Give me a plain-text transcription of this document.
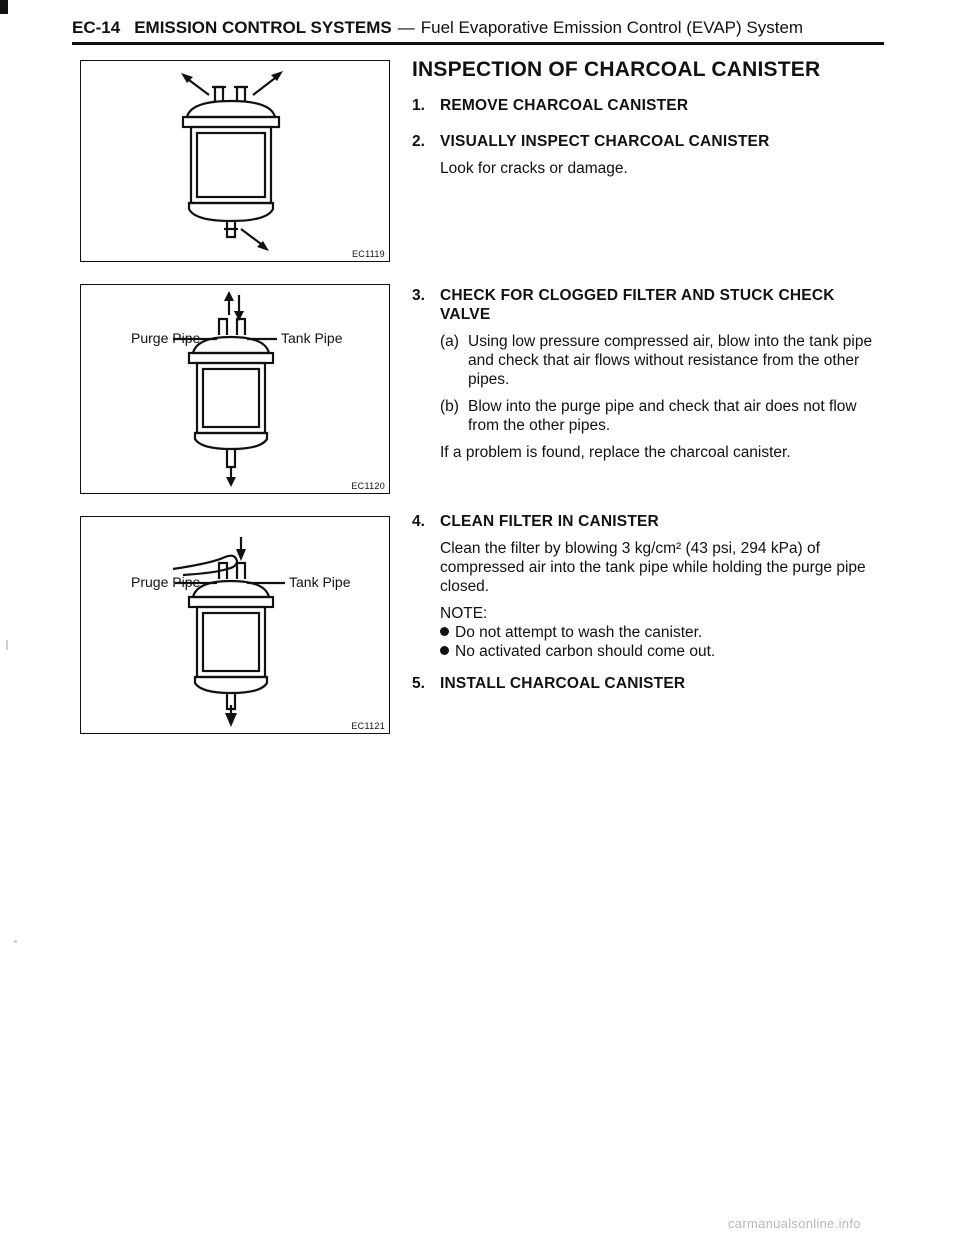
EC-14 EMISSION CONTROL SYSTEMS — Fuel Evaporative Emission Control (EVAP) System
EC1119
Purge Pipe	Tank Pipe
EC1120
Pruge Pipe	Tank Pipe
EC1121
INSPECTION OF CHARCOAL CANISTER
1. REMOVE CHARCOAL CANISTER
2. VISUALLY INSPECT CHARCOAL CANISTER
Look for cracks or damage.
3. CHECK FOR CLOGGED FILTER AND STUCK CHECK VALVE
(a) Using low pressure compressed air, blow into the tank pipe and check that air flows without resistance from the other pipes.
(b) Blow into the purge pipe and check that air does not flow from the other pipes.
If a problem is found, replace the charcoal canister.
4. CLEAN FILTER IN CANISTER
Clean the filter by blowing 3 kg/cm² (43 psi, 294 kPa) of compressed air into the tank pipe while holding the purge pipe closed.
NOTE:
Do not attempt to wash the canister.
No activated carbon should come out.
5. INSTALL CHARCOAL CANISTER
carmanualsonline.info
